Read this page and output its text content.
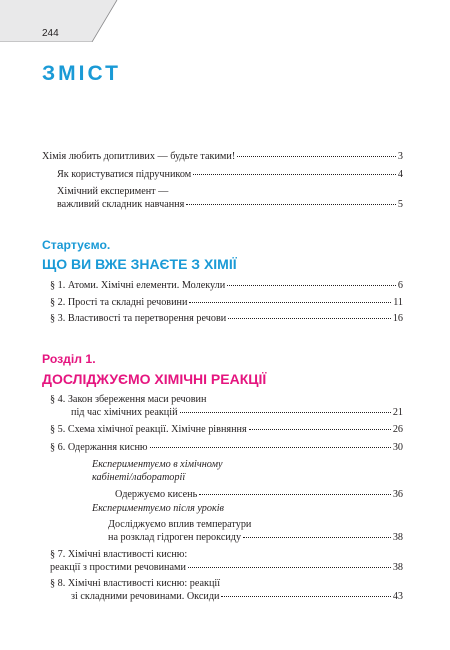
244
ЗМІСТ
Хімія любить допитливих — будьте такими!	3
Як користуватися підручником	4
Хімічний експеримент —
важливий складник навчання	5
Стартуємо.
ЩО ВИ ВЖЕ ЗНАЄТЕ З ХІМІЇ
§ 1. Атоми. Хімічні елементи. Молекули	6
§ 2. Прості та складні речовини	11
§ 3. Властивості та перетворення речови	16
Розділ 1.
ДОСЛІДЖУЄМО ХІМІЧНІ РЕАКЦІЇ
§ 4. Закон збереження маси речовин
під час хімічних реакцій	21
§ 5. Схема хімічної реакції. Хімічне рівняння	26
§ 6. Одержання кисню	30
Експериментуємо в хімічному
кабінеті/лабораторії
Одержуємо кисень	36
Експериментуємо після уроків
Досліджуємо вплив температури
на розклад гідроген пероксиду	38
§ 7. Хімічні властивості кисню:
реакції з простими речовинами	38
§ 8. Хімічні властивості кисню: реакції
зі складними речовинами. Оксиди	43
